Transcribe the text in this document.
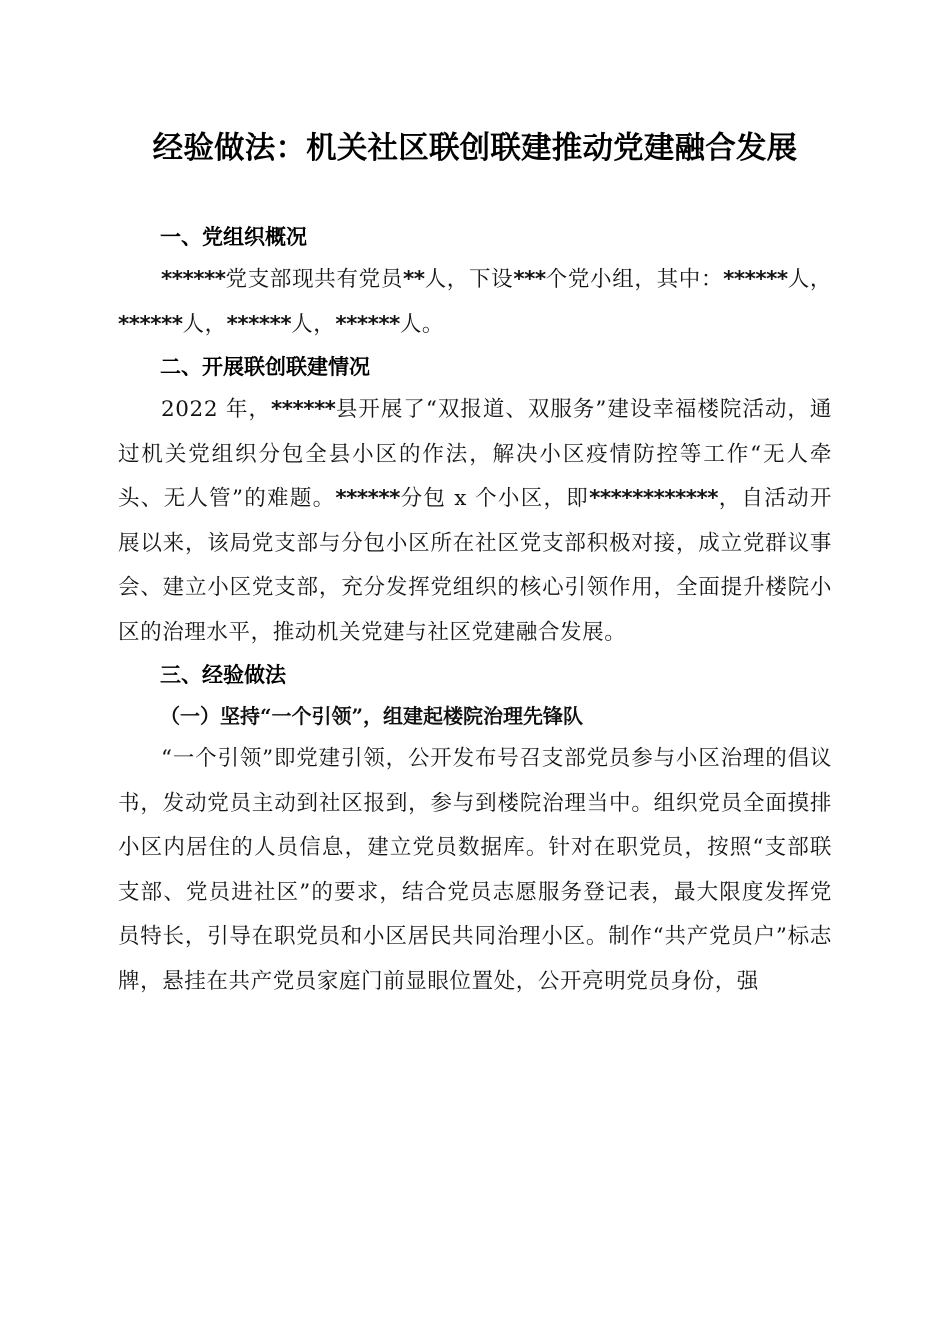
经验做法：机关社区联创联建推动党建融合发展
一、党组织概况

******党支部现共有党员**人，下设***个党小组，其中：******人，******人，******人，******人。

二、开展联创联建情况

2022 年，******县开展了“双报道、双服务”建设幸福楼院活动，通过机关党组织分包全县小区的作法，解决小区疫情防控等工作“无人牵头、无人管”的难题。******分包 x 个小区，即************，自活动开展以来，该局党支部与分包小区所在社区党支部积极对接，成立党群议事会、建立小区党支部，充分发挥党组织的核心引领作用，全面提升楼院小区的治理水平，推动机关党建与社区党建融合发展。

三、经验做法
（一）坚持“一个引领”，组建起楼院治理先锋队

“一个引领”即党建引领，公开发布号召支部党员参与小区治理的倡议书，发动党员主动到社区报到，参与到楼院治理当中。组织党员全面摸排小区内居住的人员信息，建立党员数据库。针对在职党员，按照“支部联支部、党员进社区”的要求，结合党员志愿服务登记表，最大限度发挥党员特长，引导在职党员和小区居民共同治理小区。制作“共产党员户”标志牌，悬挂在共产党员家庭门前显眼位置处，公开亮明党员身份，强
